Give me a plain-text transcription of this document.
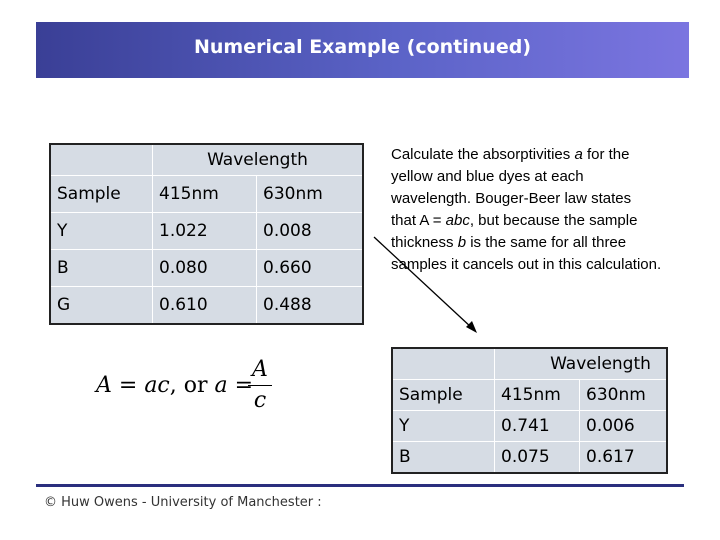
Numerical Example (continued)
	Wavelength	
Sample	415nm	630nm
Y	1.022	0.008
B	0.080	0.660
G	0.610	0.488
Calculate the absorptivities a for the
yellow and blue dyes at each
wavelength. Bouger-Beer law states
that A = abc, but because the sample
thickness b is the same for all three
samples it cancels out in this calculation.
A = ac, or a =
A
c
	Wavelength	
Sample	415nm	630nm
Y	0.741	0.006
B	0.075	0.617
© Huw Owens - University of Manchester :
